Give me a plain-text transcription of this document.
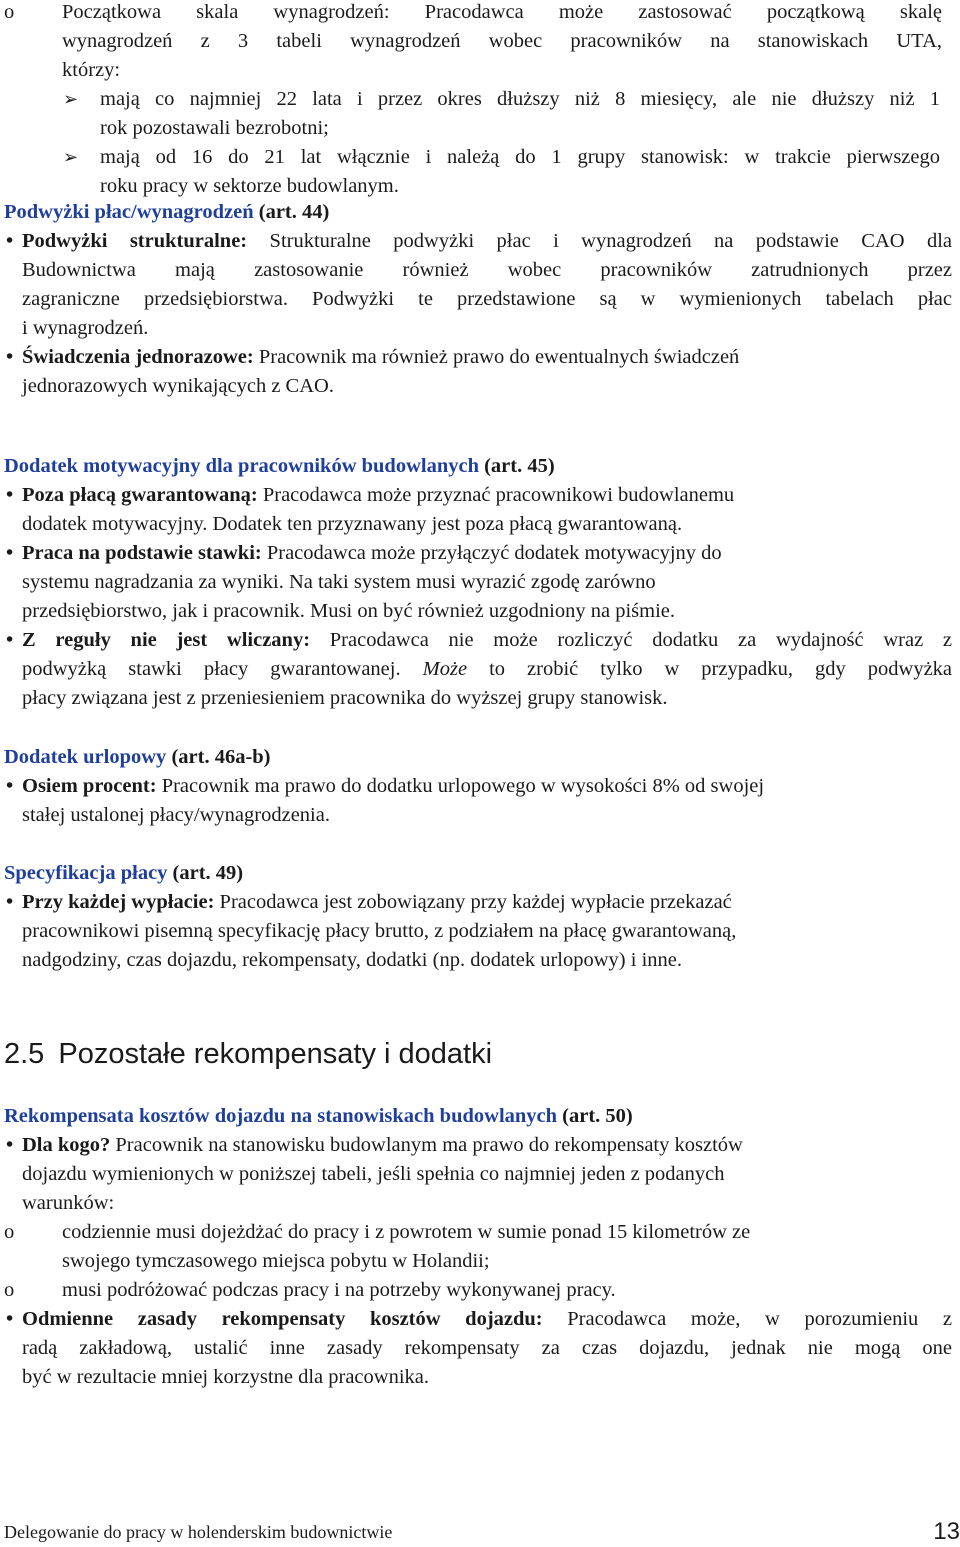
o Początkowa skala wynagrodzeń: Pracodawca może zastosować początkową skalę
wynagrodzeń z 3 tabeli wynagrodzeń wobec pracowników na stanowiskach UTA,
którzy:
➢ mają co najmniej 22 lata i przez okres dłuższy niż 8 miesięcy, ale nie dłuższy niż 1
rok pozostawali bezrobotni;
➢ mają od 16 do 21 lat włącznie i należą do 1 grupy stanowisk: w trakcie pierwszego
roku pracy w sektorze budowlanym.
Podwyżki płac/wynagrodzeń (art. 44)
• Podwyżki strukturalne: Strukturalne podwyżki płac i wynagrodzeń na podstawie CAO dla
Budownictwa mają zastosowanie również wobec pracowników zatrudnionych przez
zagraniczne przedsiębiorstwa. Podwyżki te przedstawione są w wymienionych tabelach płac
i wynagrodzeń.
• Świadczenia jednorazowe: Pracownik ma również prawo do ewentualnych świadczeń
jednorazowych wynikających z CAO.
Dodatek motywacyjny dla pracowników budowlanych (art. 45)
• Poza płacą gwarantowaną: Pracodawca może przyznać pracownikowi budowlanemu
dodatek motywacyjny. Dodatek ten przyznawany jest poza płacą gwarantowaną.
• Praca na podstawie stawki: Pracodawca może przyłączyć dodatek motywacyjny do
systemu nagradzania za wyniki. Na taki system musi wyrazić zgodę zarówno
przedsiębiorstwo, jak i pracownik. Musi on być również uzgodniony na piśmie.
• Z reguły nie jest wliczany: Pracodawca nie może rozliczyć dodatku za wydajność wraz z
podwyżką stawki płacy gwarantowanej. Może to zrobić tylko w przypadku, gdy podwyżka
płacy związana jest z przeniesieniem pracownika do wyższej grupy stanowisk.
Dodatek urlopowy (art. 46a-b)
• Osiem procent: Pracownik ma prawo do dodatku urlopowego w wysokości 8% od swojej
stałej ustalonej płacy/wynagrodzenia.
Specyfikacja płacy (art. 49)
• Przy każdej wypłacie: Pracodawca jest zobowiązany przy każdej wypłacie przekazać
pracownikowi pisemną specyfikację płacy brutto, z podziałem na płacę gwarantowaną,
nadgodziny, czas dojazdu, rekompensaty, dodatki (np. dodatek urlopowy) i inne.
2.5 Pozostałe rekompensaty i dodatki
Rekompensata kosztów dojazdu na stanowiskach budowlanych (art. 50)
• Dla kogo? Pracownik na stanowisku budowlanym ma prawo do rekompensaty kosztów
dojazdu wymienionych w poniższej tabeli, jeśli spełnia co najmniej jeden z podanych
warunków:
o codziennie musi dojeżdżać do pracy i z powrotem w sumie ponad 15 kilometrów ze
swojego tymczasowego miejsca pobytu w Holandii;
o musi podróżować podczas pracy i na potrzeby wykonywanej pracy.
• Odmienne zasady rekompensaty kosztów dojazdu: Pracodawca może, w porozumieniu z
radą zakładową, ustalić inne zasady rekompensaty za czas dojazdu, jednak nie mogą one
być w rezultacie mniej korzystne dla pracownika.
Delegowanie do pracy w holenderskim budownictwie	13
